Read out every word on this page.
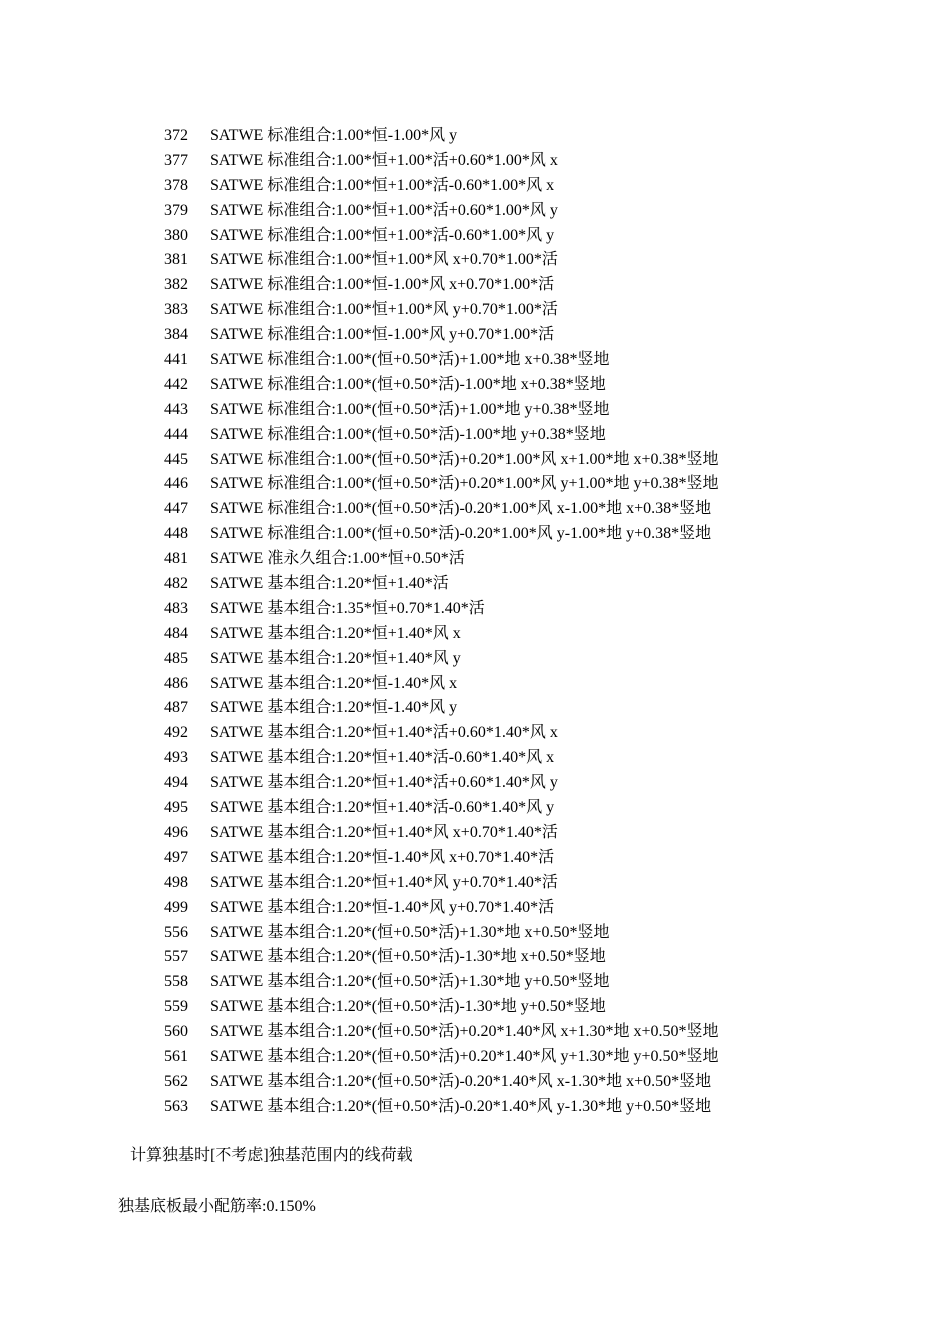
372	SATWE 标准组合:1.00*恒-1.00*风 y
377	SATWE 标准组合:1.00*恒+1.00*活+0.60*1.00*风 x
378	SATWE 标准组合:1.00*恒+1.00*活-0.60*1.00*风 x
379	SATWE 标准组合:1.00*恒+1.00*活+0.60*1.00*风 y
380	SATWE 标准组合:1.00*恒+1.00*活-0.60*1.00*风 y
381	SATWE 标准组合:1.00*恒+1.00*风 x+0.70*1.00*活
382	SATWE 标准组合:1.00*恒-1.00*风 x+0.70*1.00*活
383	SATWE 标准组合:1.00*恒+1.00*风 y+0.70*1.00*活
384	SATWE 标准组合:1.00*恒-1.00*风 y+0.70*1.00*活
441	SATWE 标准组合:1.00*(恒+0.50*活)+1.00*地 x+0.38*竖地
442	SATWE 标准组合:1.00*(恒+0.50*活)-1.00*地 x+0.38*竖地
443	SATWE 标准组合:1.00*(恒+0.50*活)+1.00*地 y+0.38*竖地
444	SATWE 标准组合:1.00*(恒+0.50*活)-1.00*地 y+0.38*竖地
445	SATWE 标准组合:1.00*(恒+0.50*活)+0.20*1.00*风 x+1.00*地 x+0.38*竖地
446	SATWE 标准组合:1.00*(恒+0.50*活)+0.20*1.00*风 y+1.00*地 y+0.38*竖地
447	SATWE 标准组合:1.00*(恒+0.50*活)-0.20*1.00*风 x-1.00*地 x+0.38*竖地
448	SATWE 标准组合:1.00*(恒+0.50*活)-0.20*1.00*风 y-1.00*地 y+0.38*竖地
481	SATWE 准永久组合:1.00*恒+0.50*活
482	SATWE 基本组合:1.20*恒+1.40*活
483	SATWE 基本组合:1.35*恒+0.70*1.40*活
484	SATWE 基本组合:1.20*恒+1.40*风 x
485	SATWE 基本组合:1.20*恒+1.40*风 y
486	SATWE 基本组合:1.20*恒-1.40*风 x
487	SATWE 基本组合:1.20*恒-1.40*风 y
492	SATWE 基本组合:1.20*恒+1.40*活+0.60*1.40*风 x
493	SATWE 基本组合:1.20*恒+1.40*活-0.60*1.40*风 x
494	SATWE 基本组合:1.20*恒+1.40*活+0.60*1.40*风 y
495	SATWE 基本组合:1.20*恒+1.40*活-0.60*1.40*风 y
496	SATWE 基本组合:1.20*恒+1.40*风 x+0.70*1.40*活
497	SATWE 基本组合:1.20*恒-1.40*风 x+0.70*1.40*活
498	SATWE 基本组合:1.20*恒+1.40*风 y+0.70*1.40*活
499	SATWE 基本组合:1.20*恒-1.40*风 y+0.70*1.40*活
556	SATWE 基本组合:1.20*(恒+0.50*活)+1.30*地 x+0.50*竖地
557	SATWE 基本组合:1.20*(恒+0.50*活)-1.30*地 x+0.50*竖地
558	SATWE 基本组合:1.20*(恒+0.50*活)+1.30*地 y+0.50*竖地
559	SATWE 基本组合:1.20*(恒+0.50*活)-1.30*地 y+0.50*竖地
560	SATWE 基本组合:1.20*(恒+0.50*活)+0.20*1.40*风 x+1.30*地 x+0.50*竖地
561	SATWE 基本组合:1.20*(恒+0.50*活)+0.20*1.40*风 y+1.30*地 y+0.50*竖地
562	SATWE 基本组合:1.20*(恒+0.50*活)-0.20*1.40*风 x-1.30*地 x+0.50*竖地
563	SATWE 基本组合:1.20*(恒+0.50*活)-0.20*1.40*风 y-1.30*地 y+0.50*竖地
计算独基时[不考虑]独基范围内的线荷载
独基底板最小配筋率:0.150%
